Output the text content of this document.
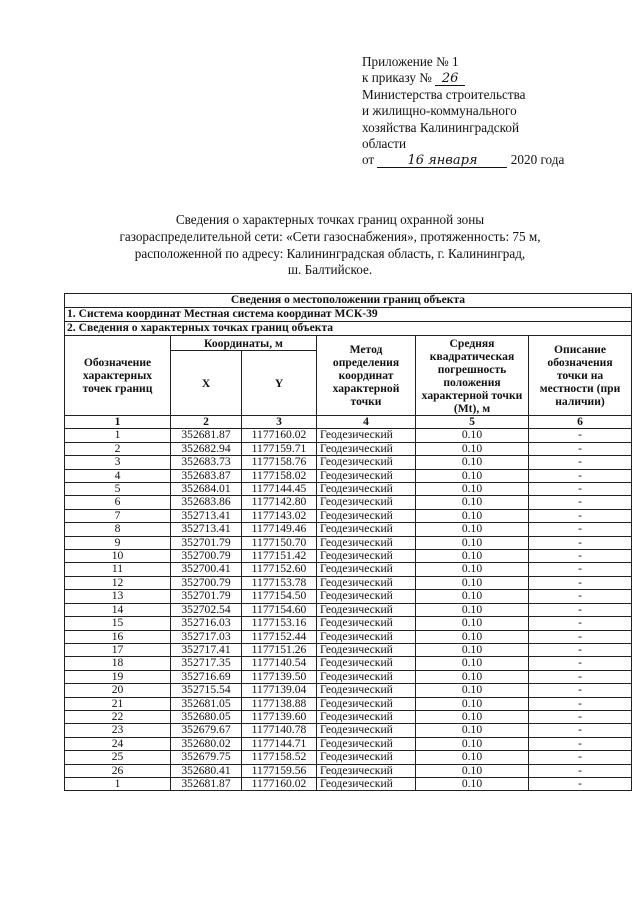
Приложение № 1
к приказу № 26
Министерства строительства
и жилищно-коммунального
хозяйства Калининградской
области
от	16 января	2020 года
Сведения о характерных точках границ охранной зоны
газораспределительной сети: «Сети газоснабжения», протяженность: 75 м,
расположенной по адресу: Калининградская область, г. Калининград,
ш. Балтийское.
Сведения о местоположении границ объекта					
1. Система координат Местная система координат МСК-39					
2. Сведения о характерных точках границ объекта					
Обозначение характерных точек границ	Координаты, м		Метод определения координат характерной точки	Средняя квадратическая погрешность положения характерной точки (Мt), м	Описание обозначения точки на местности (при наличии)
	X	Y			
1	2	3	4	5	6
1	352681.87	1177160.02	Геодезический	0.10	-
2	352682.94	1177159.71	Геодезический	0.10	-
3	352683.73	1177158.76	Геодезический	0.10	-
4	352683.87	1177158.02	Геодезический	0.10	-
5	352684.01	1177144.45	Геодезический	0.10	-
6	352683.86	1177142.80	Геодезический	0.10	-
7	352713.41	1177143.02	Геодезический	0.10	-
8	352713.41	1177149.46	Геодезический	0.10	-
9	352701.79	1177150.70	Геодезический	0.10	-
10	352700.79	1177151.42	Геодезический	0.10	-
11	352700.41	1177152.60	Геодезический	0.10	-
12	352700.79	1177153.78	Геодезический	0.10	-
13	352701.79	1177154.50	Геодезический	0.10	-
14	352702.54	1177154.60	Геодезический	0.10	-
15	352716.03	1177153.16	Геодезический	0.10	-
16	352717.03	1177152.44	Геодезический	0.10	-
17	352717.41	1177151.26	Геодезический	0.10	-
18	352717.35	1177140.54	Геодезический	0.10	-
19	352716.69	1177139.50	Геодезический	0.10	-
20	352715.54	1177139.04	Геодезический	0.10	-
21	352681.05	1177138.88	Геодезический	0.10	-
22	352680.05	1177139.60	Геодезический	0.10	-
23	352679.67	1177140.78	Геодезический	0.10	-
24	352680.02	1177144.71	Геодезический	0.10	-
25	352679.75	1177158.52	Геодезический	0.10	-
26	352680.41	1177159.56	Геодезический	0.10	-
1	352681.87	1177160.02	Геодезический	0.10	-
